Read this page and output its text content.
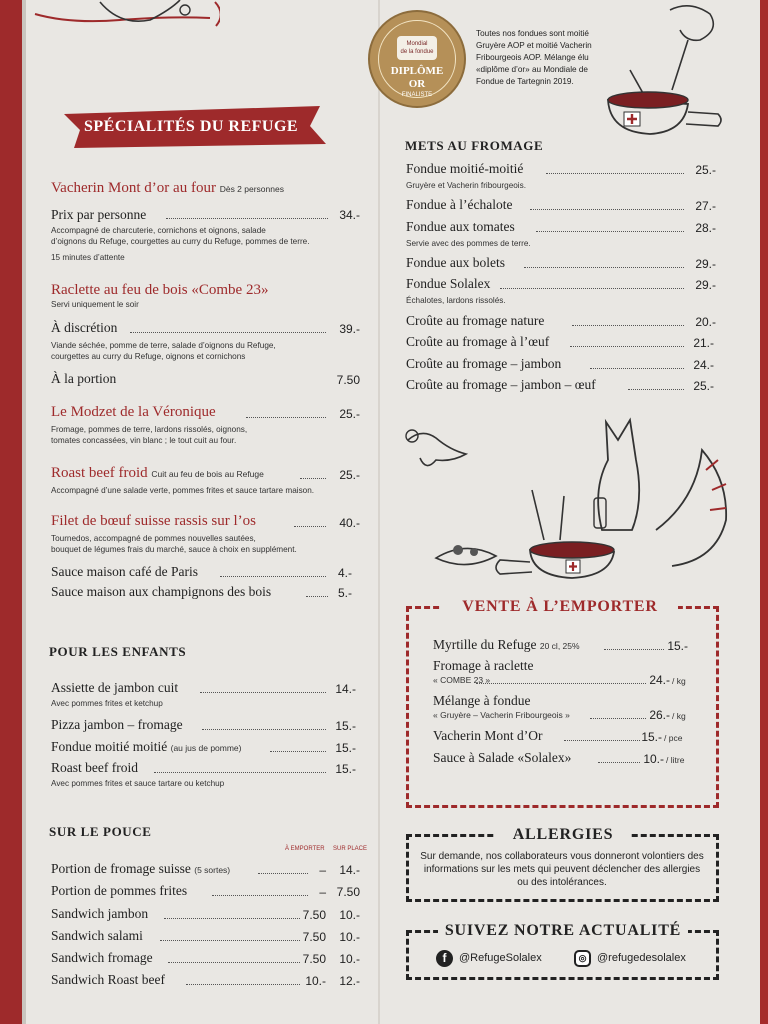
SPÉCIALITÉS DU REFUGE
Vacherin Mont d’or au four Dès 2 personnes
Prix par personne	34.-
Accompagné de charcuterie, cornichons et oignons, salade
d’oignons du Refuge, courgettes au curry du Refuge, pommes de terre.
15 minutes d’attente
Raclette au feu de bois «Combe 23»
Servi uniquement le soir
À discrétion	39.-
Viande séchée, pomme de terre, salade d’oignons du Refuge,
courgettes au curry du Refuge, oignons et cornichons
À la portion	7.50
Le Modzet de la Véronique	25.-
Fromage, pommes de terre, lardons rissolés, oignons,
tomates concassées, vin blanc ; le tout cuit au four.
Roast beef froid Cuit au feu de bois au Refuge	25.-
Accompagné d’une salade verte, pommes frites et sauce tartare maison.
Filet de bœuf suisse rassis sur l’os	40.-
Tournedos, accompagné de pommes nouvelles sautées,
bouquet de légumes frais du marché, sauce à choix en supplément.
Sauce maison café de Paris	4.-
Sauce maison aux champignons des bois	5.-
POUR LES ENFANTS
Assiette de jambon cuit	14.-
Avec pommes frites et ketchup
Pizza jambon – fromage	15.-
Fondue moitié moitié (au jus de pomme)	15.-
Roast beef froid	15.-
Avec pommes frites et sauce tartare ou ketchup
SUR LE POUCE
À EMPORTER SUR PLACE
Portion de fromage suisse (5 sortes)	–	14.-
Portion de pommes frites	– 7.50
Sandwich jambon	7.50	10.-
Sandwich salami	7.50	10.-
Sandwich fromage	7.50	10.-
Sandwich Roast beef	10.-	12.-
Mondial
de la fondue
DIPLÔME
OR
FINALISTE
Toutes nos fondues sont moitié Gruyère AOP et moitié Vacherin Fribourgeois AOP. Mélange élu «diplôme d’or» au Mondiale de Fondue de Tartegnin 2019.
METS AU FROMAGE
Fondue moitié-moitié	25.-
Gruyère et Vacherin fribourgeois.
Fondue à l’échalote	27.-
Fondue aux tomates	28.-
Servie avec des pommes de terre.
Fondue aux bolets	29.-
Fondue Solalex	29.-
Échalotes, lardons rissolés.
Croûte au fromage nature	20.-
Croûte au fromage à l’œuf	21.-
Croûte au fromage – jambon	24.-
Croûte au fromage – jambon – œuf	25.-
VENTE À L’EMPORTER
Myrtille du Refuge 20 cl, 25%	15.-
Fromage à raclette
« COMBE 23 »	24.- / kg
Mélange à fondue
« Gruyère – Vacherin Fribourgeois »	26.- / kg
Vacherin Mont d’Or	15.- / pce
Sauce à Salade «Solalex»	10.- / litre
ALLERGIES
Sur demande, nos collaborateurs vous donneront volontiers des informations sur les mets qui peuvent déclencher des allergies ou des intolérances.
SUIVEZ NOTRE ACTUALITÉ
f	@RefugeSolalex	◎ @refugedesolalex
